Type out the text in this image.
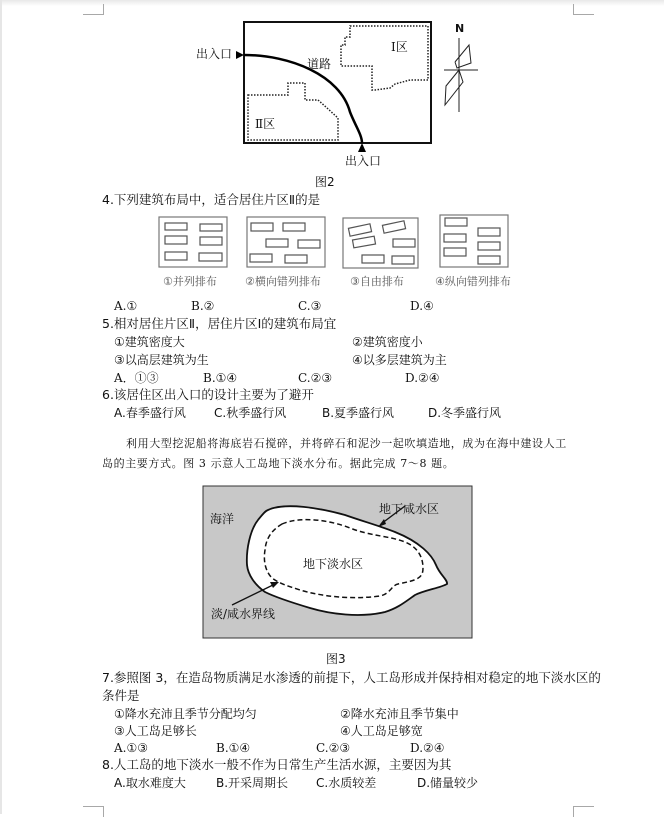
出入口
出入口
道路
Ⅰ区
Ⅱ区
N
图2
4.下列建筑布局中，适合居住片区Ⅱ的是
①并列排布	②横向错列排布	③自由排布	④纵向错列排布
A.①	B.②	C.③	D.④
5.相对居住片区Ⅱ，居住片区Ⅰ的建筑布局宜
①建筑密度大	②建筑密度小
③以高层建筑为生	④以多层建筑为主
A．①③	B.①④	C.②③	D.②④
6.该居住区出入口的设计主要为了避开
A.春季盛行风 C.秋季盛行风	B.夏季盛行风	D.冬季盛行风
利用大型挖泥船将海底岩石搅碎，并将碎石和泥沙一起吹填造地，成为在海中建设人工
岛的主要方式。图 3 示意人工岛地下淡水分布。据此完成 7～8 题。
海洋
地下咸水区
地下淡水区
淡/咸水界线
图3
7.参照图 3，在造岛物质满足水渗透的前提下，人工岛形成并保持相对稳定的地下淡水区的
条件是
①降水充沛且季节分配均匀	②降水充沛且季节集中
③人工岛足够长	④人工岛足够宽
A.①③	B.①④	C.②③	D.②④
8.人工岛的地下淡水一般不作为日常生产生活水源，主要因为其
A.取水难度大	B.开采周期长 C.水质较差	D.储量较少
